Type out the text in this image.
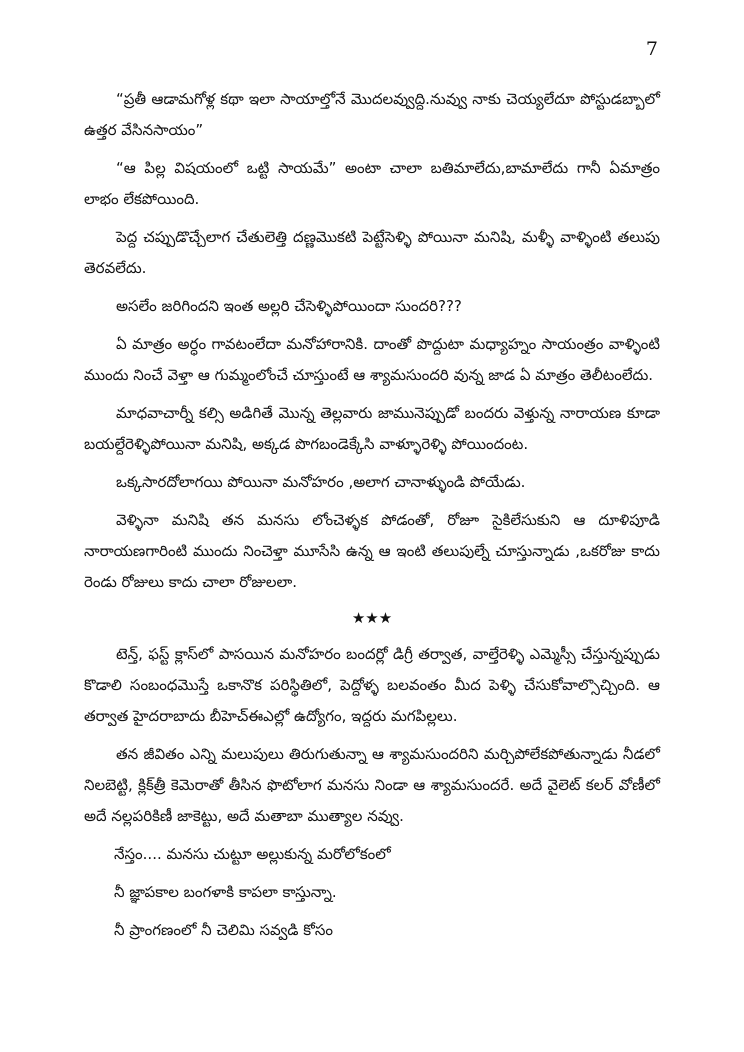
7

“ప్రతీ ఆడామగోళ్ల కథా ఇలా సాయాల్తోనే మొదలవ్వుద్ది.నువ్వు నాకు చెయ్యలేదూ పోస్టుడబ్బాలో ఉత్తర వేసినసాయం”

“ఆ పిల్ల విషయంలో ఒట్టి సాయమే” అంటా చాలా బతిమాలేదు,బామాలేదు గానీ ఏమాత్రం లాభం లేకపోయింది.

పెద్ద చప్పుడొచ్చేలాగ చేతులెత్తి దణ్ణమొకటి పెట్టేసెళ్ళి పోయినా మనిషి, మళ్ళీ వాళ్ళింటి తలుపు తెరవలేదు.

అసలేం జరిగిందని ఇంత అల్లరి చేసెళ్ళిపోయిందా సుందరి???

ఏ మాత్రం అర్ధం గావటంలేదా మనోహారానికి. దాంతో పొద్దుటా మధ్యాహ్నం సాయంత్రం వాళ్ళింటి ముందు నించే వెళ్తా ఆ గుమ్మంలోంచే చూస్తుంటే ఆ శ్యామసుందరి వున్న జాడ ఏ మాత్రం తెలీటంలేదు.

మాధవాచార్నీ కల్సి అడిగితే మొన్న తెల్లవారు జామునెప్పుడో బందరు వెళ్తున్న నారాయణ కూడా బయల్దేరెళ్ళిపోయినా మనిషి, అక్కడ పొగబండెక్కేసి వాళ్ళూరెళ్ళి పోయిందంట.

ఒక్కసారదోలాగయి పోయినా మనోహరం ,అలాగ చానాళ్ళుండి పోయేడు.

వెళ్ళినా మనిషి తన మనసు లోంచెళ్ళక పోడంతో, రోజూ సైకిలేసుకుని ఆ దూళిపూడి నారాయణగారింటి ముందు నించెళ్తా మూసేసి ఉన్న ఆ ఇంటి తలుపుల్నే చూస్తున్నాడు ,ఒకరోజు కాదు రెండు రోజులు కాదు చాలా రోజులలా.

★★★

టెన్త్, ఫస్ట్ క్లాస్‌లో పాసయిన మనోహరం బందర్లో డిగ్రీ తర్వాత, వాల్తేరెళ్ళి ఎమ్మెస్సీ చేస్తున్నప్పుడు కొడాలి సంబంధమొస్తే ఒకానొక పరిస్థితిలో, పెద్దోళ్ళ బలవంతం మీద పెళ్ళి చేసుకోవాల్సొచ్చింది. ఆ తర్వాత హైదరాబాదు బీహెచ్ఈఎల్లో ఉద్యోగం, ఇద్దరు మగపిల్లలు.

తన జీవితం ఎన్ని మలుపులు తిరుగుతున్నా ఆ శ్యామసుందరిని మర్చిపోలేకపోతున్నాడు నీడలో నిలబెట్టి, క్లిక్‌త్రీ కెమెరాతో తీసిన ఫొటోలాగ మనసు నిండా ఆ శ్యామసుందరే. అదే వైలెట్ కలర్ వోణీలో అదే నల్లపరికిణీ జాకెట్టు, అదే మతాబా ముత్యాల నవ్వు.

నేస్తం.... మనసు చుట్టూ అల్లుకున్న మరోలోకంలో
నీ జ్ఞాపకాల బంగళాకి కాపలా కాస్తున్నా.
నీ ప్రాంగణంలో నీ చెలిమి సవ్వడి కోసం
